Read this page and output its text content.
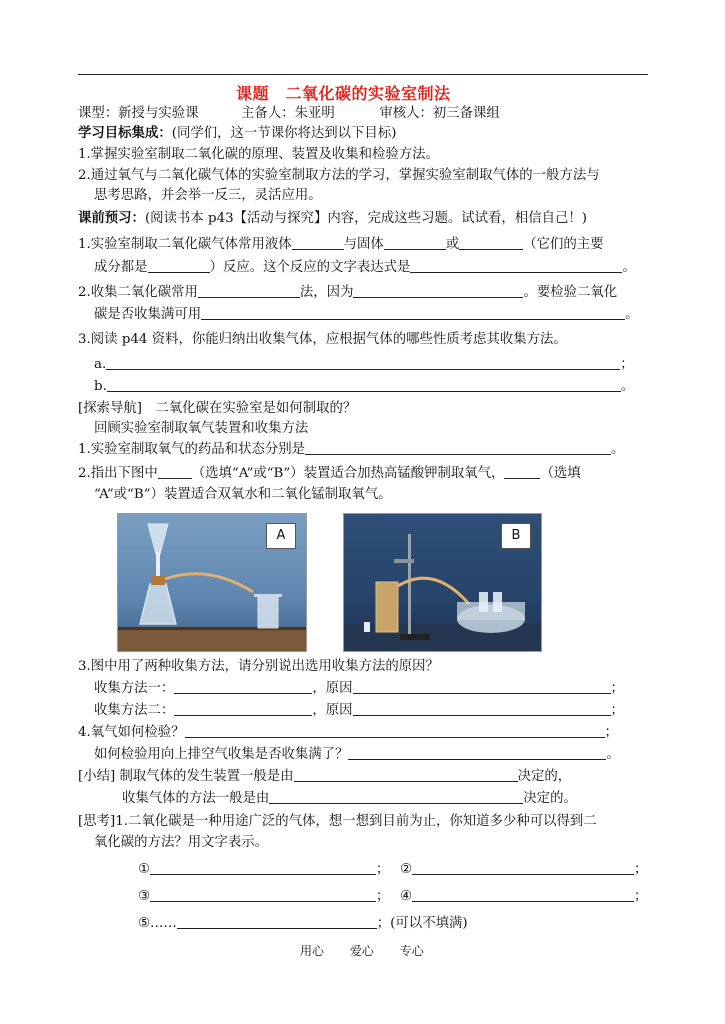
课题　二氧化碳的实验室制法
课型：新授与实验课	主备人：朱亚明	审核人：初三备课组
学习目标集成：(同学们，这一节课你将达到以下目标)
1.掌握实验室制取二氧化碳的原理、装置及收集和检验方法。
2.通过氧气与二氧化碳气体的实验室制取方法的学习，掌握实验室制取气体的一般方法与
思考思路，并会举一反三，灵活应用。
课前预习：(阅读书本 p43【活动与探究】内容，完成这些习题。试试看，相信自己！)
1.实验室制取二氧化碳气体常用液体	与固体	或	（它们的主要
成分都是	）反应。这个反应的文字表达式是	。
2.收集二氧化碳常用	法，因为	。要检验二氧化
碳是否收集满可用	。
3.阅读 p44 资料，你能归纳出收集气体，应根据气体的哪些性质考虑其收集方法。
a.	；
b.	。
[探索导航]　二氧化碳在实验室是如何制取的？
回顾实验室制取氧气装置和收集方法
1.实验室制取氧气的药品和状态分别是	。
2.指出下图中	（选填“A”或“B”）装置适合加热高锰酸钾制取氧气，	（选填
“A”或“B”）装置适合双氧水和二氧化锰制取氧气。
A	B
3.图中用了两种收集方法，请分别说出选用收集方法的原因？
收集方法一：	，原因	；
收集方法二：	，原因	；
4.氧气如何检验？	；
如何检验用向上排空气收集是否收集满了？	。
[小结] 制取气体的发生装置一般是由	决定的，
收集气体的方法一般是由	决定的。
[思考]1.二氧化碳是一种用途广泛的气体，想一想到目前为止，你知道多少种可以得到二
氧化碳的方法？用文字表示。
①	； ②	；
③	； ④	；
⑤……	；(可以不填满)
用心 爱心 专心
